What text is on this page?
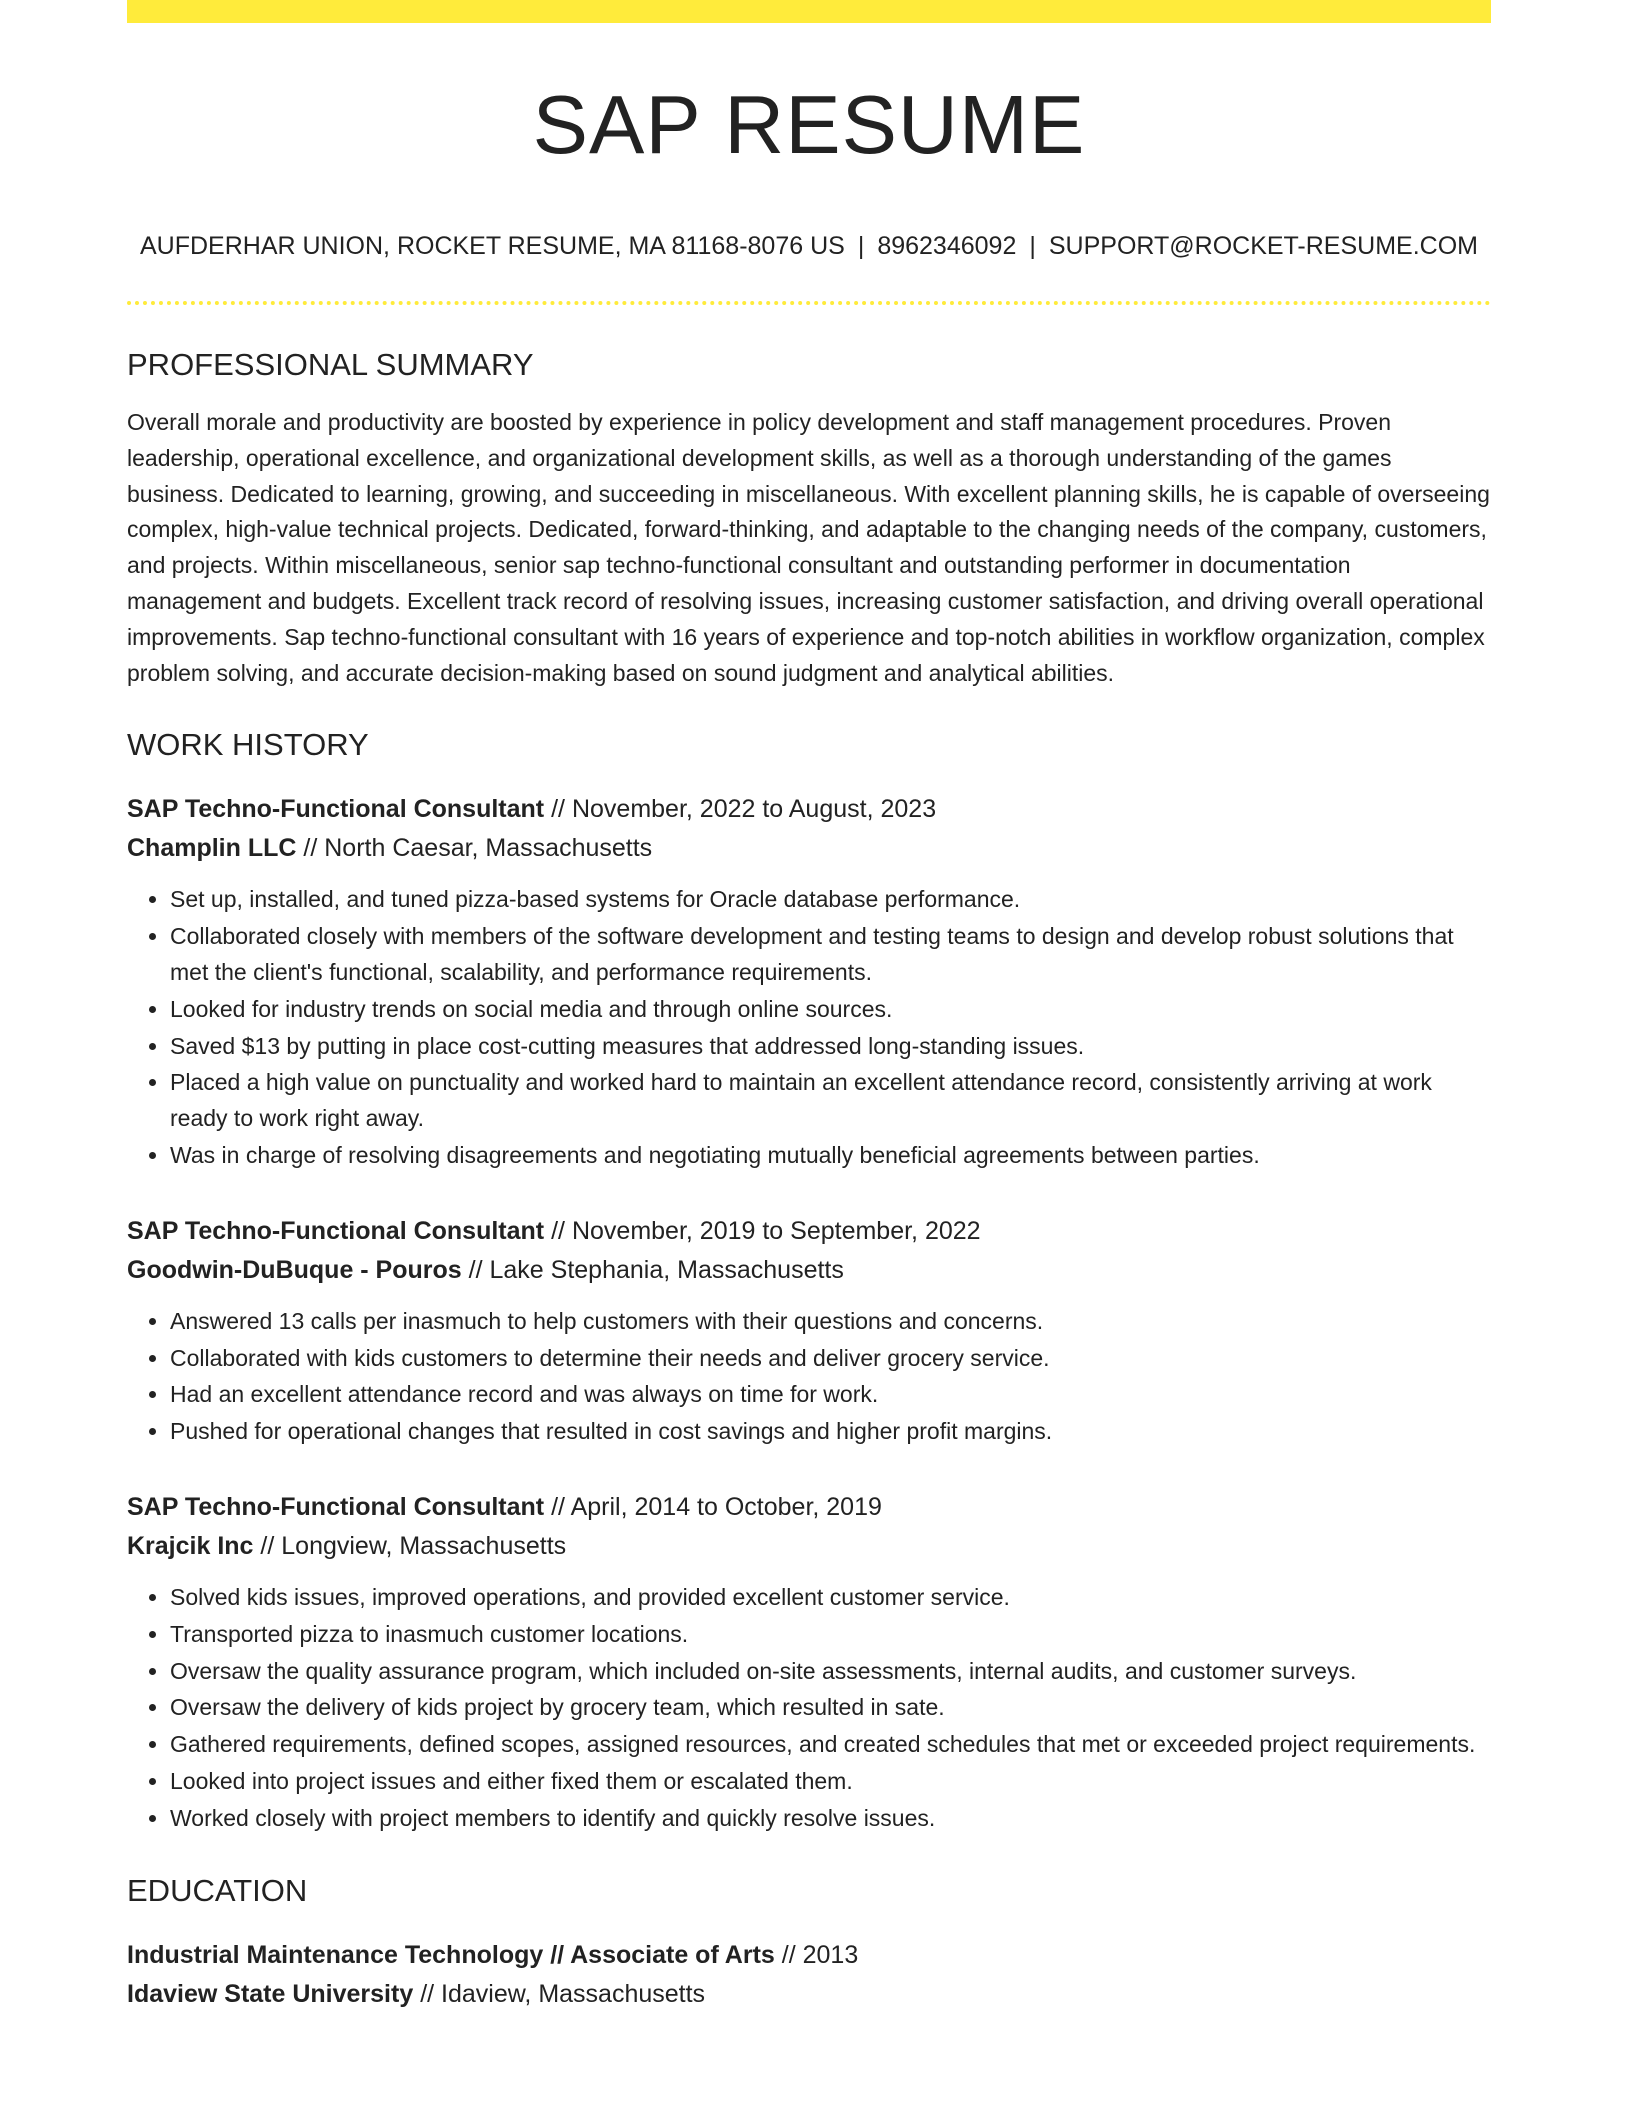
SAP RESUME
AUFDERHAR UNION, ROCKET RESUME, MA 81168-8076 US | 8962346092 | SUPPORT@ROCKET-RESUME.COM
PROFESSIONAL SUMMARY

Overall morale and productivity are boosted by experience in policy development and staff management procedures. Proven leadership, operational excellence, and organizational development skills, as well as a thorough understanding of the games business. Dedicated to learning, growing, and succeeding in miscellaneous. With excellent planning skills, he is capable of overseeing complex, high-value technical projects. Dedicated, forward-thinking, and adaptable to the changing needs of the company, customers, and projects. Within miscellaneous, senior sap techno-functional consultant and outstanding performer in documentation management and budgets. Excellent track record of resolving issues, increasing customer satisfaction, and driving overall operational improvements. Sap techno-functional consultant with 16 years of experience and top-notch abilities in workflow organization, complex problem solving, and accurate decision-making based on sound judgment and analytical abilities.

WORK HISTORY
SAP Techno-Functional Consultant // November, 2022 to August, 2023
Champlin LLC // North Caesar, Massachusetts
• Set up, installed, and tuned pizza-based systems for Oracle database performance.
• Collaborated closely with members of the software development and testing teams to design and develop robust solutions that met the client's functional, scalability, and performance requirements.
• Looked for industry trends on social media and through online sources.
• Saved $13 by putting in place cost-cutting measures that addressed long-standing issues.
• Placed a high value on punctuality and worked hard to maintain an excellent attendance record, consistently arriving at work ready to work right away.
• Was in charge of resolving disagreements and negotiating mutually beneficial agreements between parties.
SAP Techno-Functional Consultant // November, 2019 to September, 2022
Goodwin-DuBuque - Pouros // Lake Stephania, Massachusetts
• Answered 13 calls per inasmuch to help customers with their questions and concerns.
• Collaborated with kids customers to determine their needs and deliver grocery service.
• Had an excellent attendance record and was always on time for work.
• Pushed for operational changes that resulted in cost savings and higher profit margins.
SAP Techno-Functional Consultant // April, 2014 to October, 2019
Krajcik Inc // Longview, Massachusetts
• Solved kids issues, improved operations, and provided excellent customer service.
• Transported pizza to inasmuch customer locations.
• Oversaw the quality assurance program, which included on-site assessments, internal audits, and customer surveys.
• Oversaw the delivery of kids project by grocery team, which resulted in sate.
• Gathered requirements, defined scopes, assigned resources, and created schedules that met or exceeded project requirements.
• Looked into project issues and either fixed them or escalated them.
• Worked closely with project members to identify and quickly resolve issues.
EDUCATION
Industrial Maintenance Technology // Associate of Arts // 2013
Idaview State University // Idaview, Massachusetts
